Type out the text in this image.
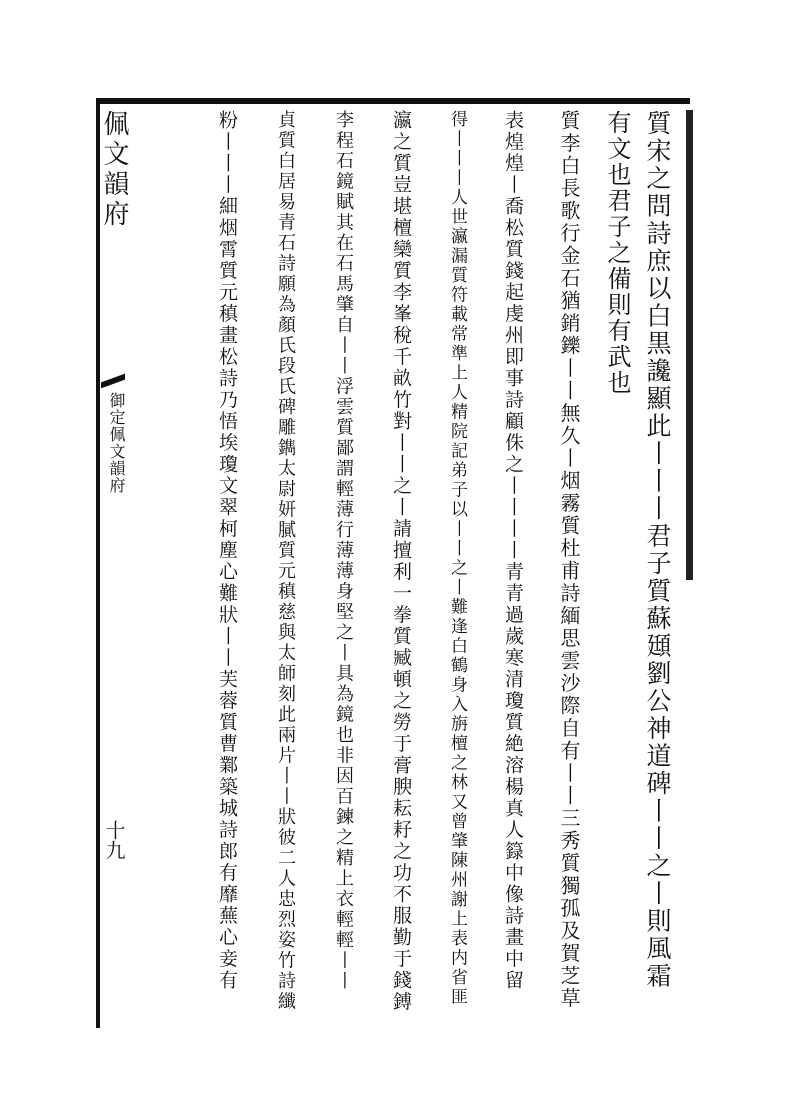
佩文韻府
御定佩文韻府
十九	質宋之問詩庶以白黒讒顯此丨丨丨君子質蘇頲劉公神道碑丨丨之丨則風霜
有文也君子之備則有武也
質李白長歌行金石猶銷鑠丨丨無久丨烟霧質杜甫詩緬思雲沙際自有丨丨三秀質獨孤及賀芝草
表煌煌丨喬松質錢起虔州即事詩顧侏之丨丨丨丨青青過歲寒清瓊質絶溶楊真人籙中像詩畫中留
得丨丨丨人世瀛漏質符載常準上人精院記弟子以丨丨之丨難逢白鶴身入旃檀之林又曾肇陳州謝上表内省匪
瀛之質豈堪檀欒質李峯稅千畝竹對丨丨之丨請擅利一拳質臧頓之勞于膏腴耘耔之功不服勤于錢鎛
李程石鏡賦其在石馬肇自丨丨浮雲質鄙謂輕薄行薄薄身堅之丨具為鏡也非因百鍊之精上衣輕輕丨丨
貞質白居易青石詩願為顏氏段氏碑雕鐫太尉妍膩質元稹慈與太師刻此兩片丨丨狀彼二人忠烈姿竹詩纖
粉丨丨丨細烟霄質元稹畫松詩乃悟埃瓊文翠柯塵心難狀丨丨芙蓉質曹鄴築城詩郎有靡蕪心妾有
